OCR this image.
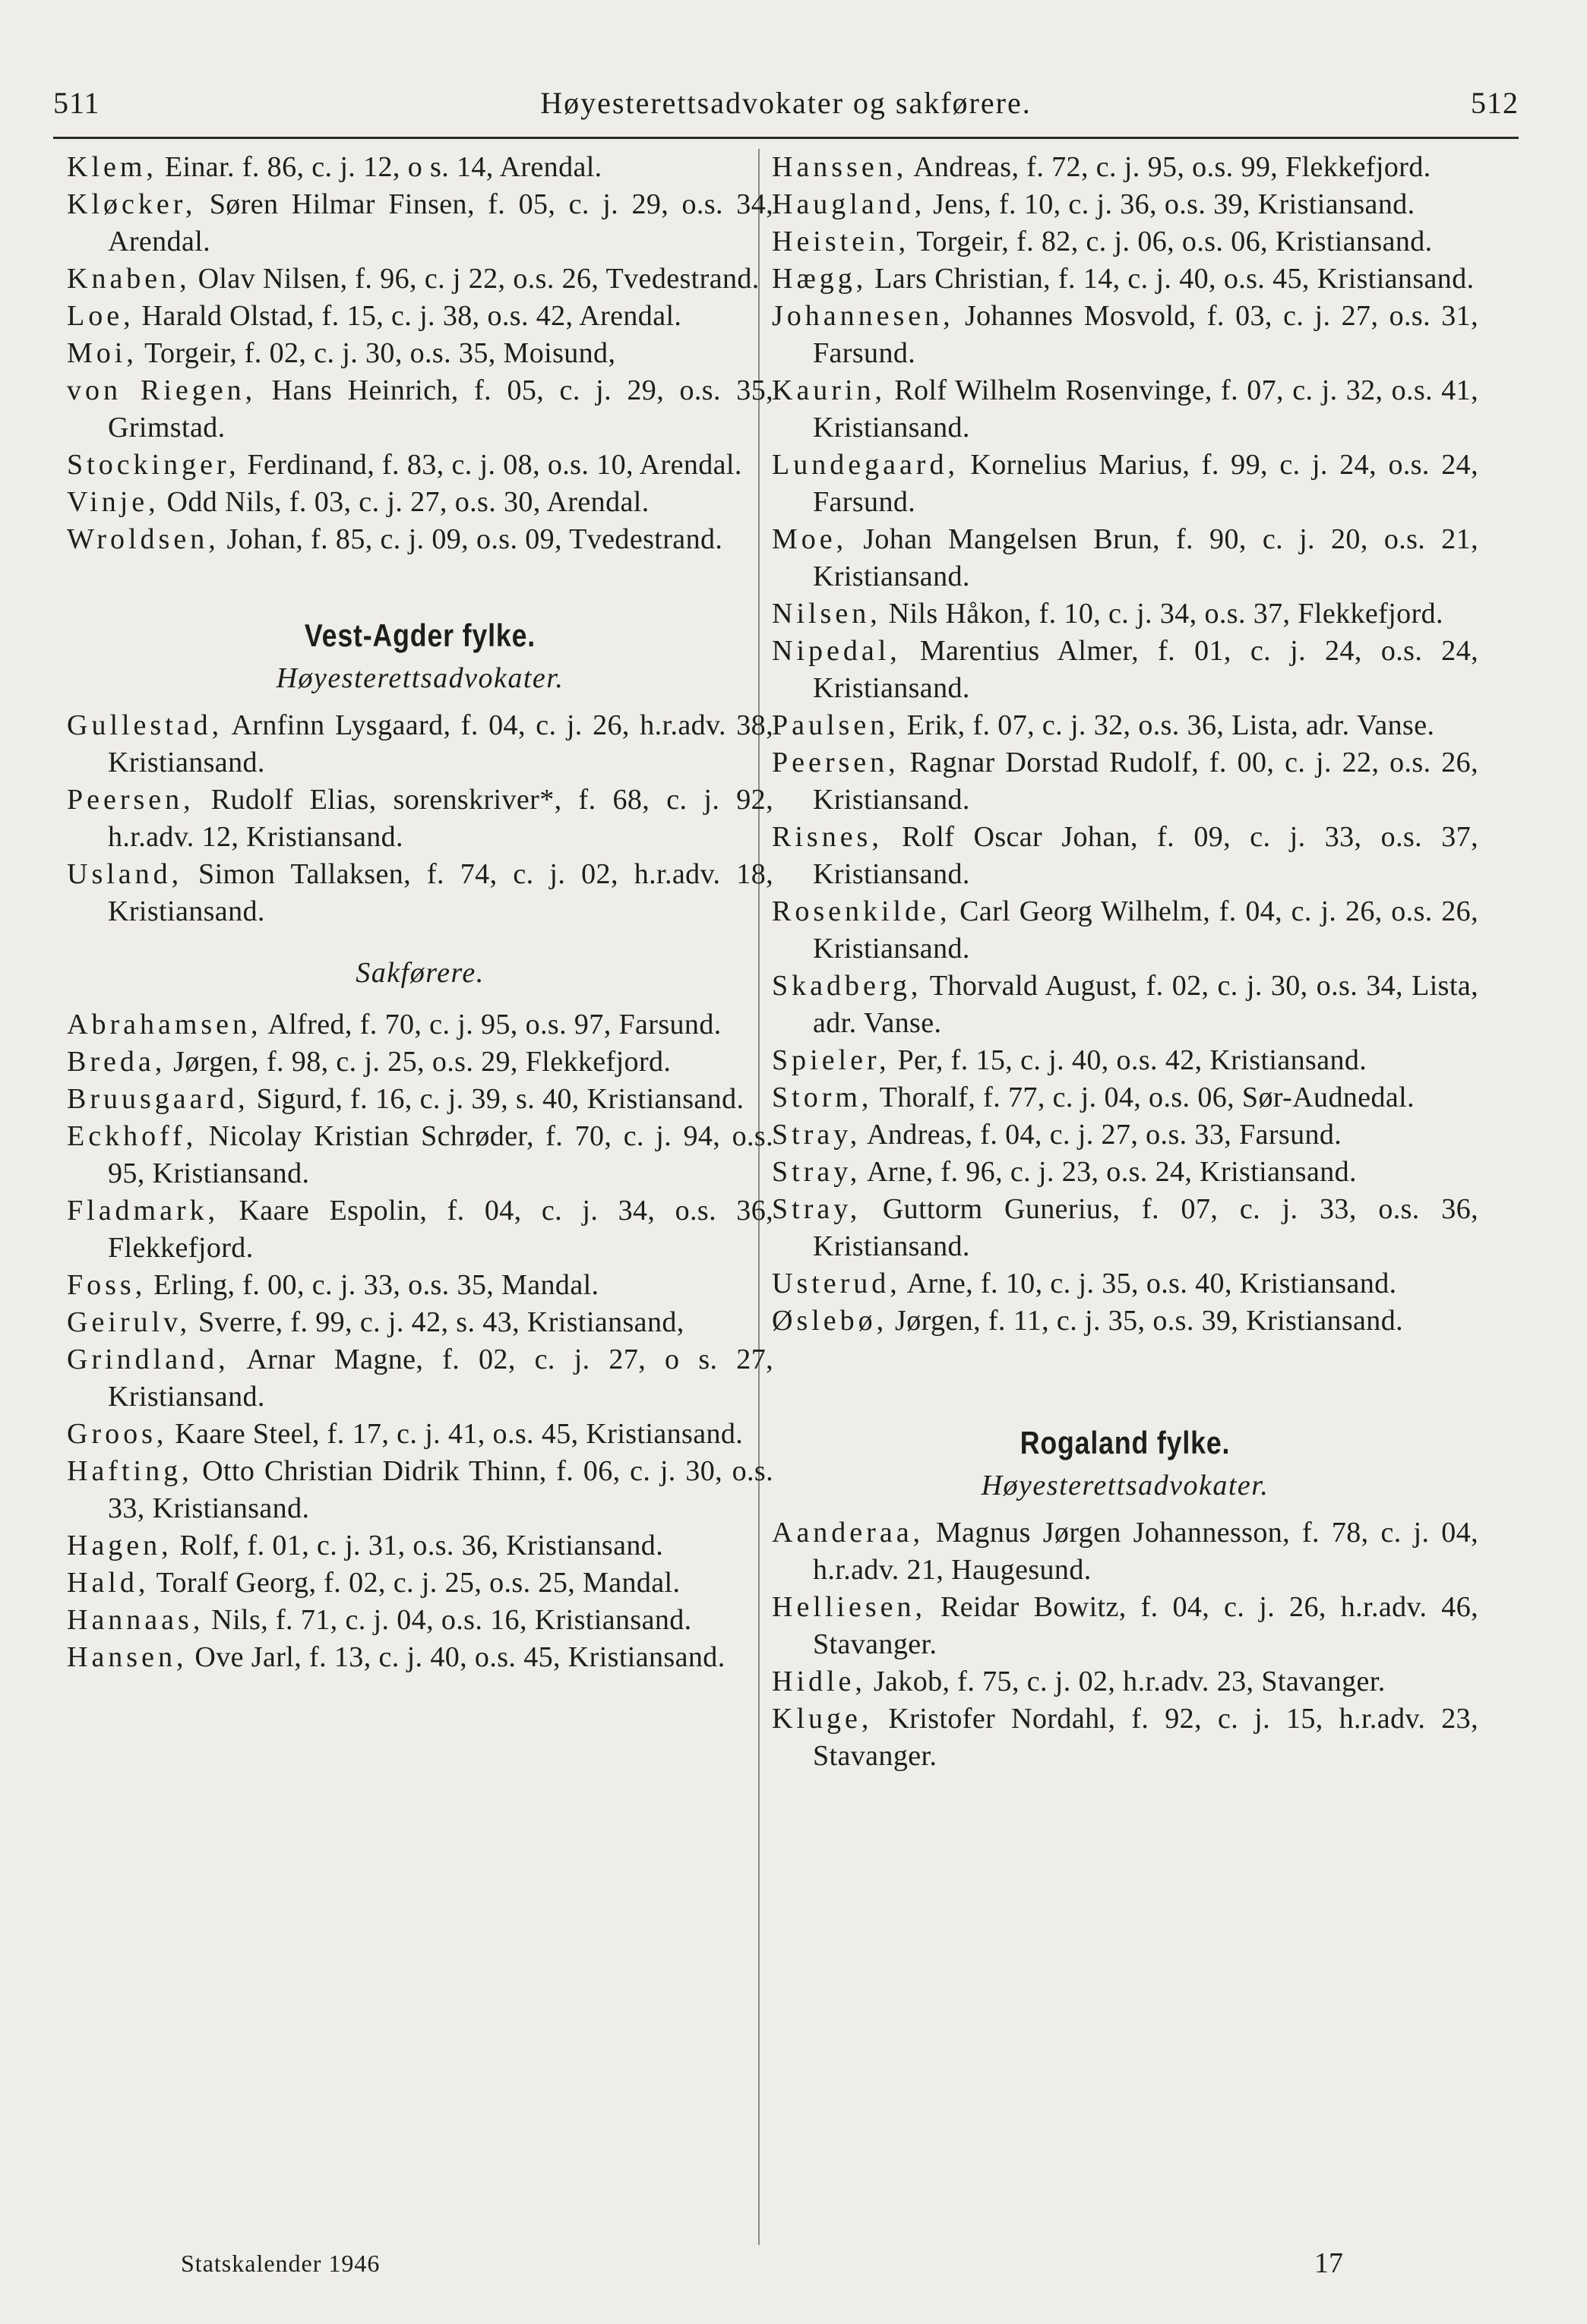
511	Høyesterettsadvokater og sakførere.	512
Klem, Einar. f. 86, c. j. 12, o s. 14, Arendal.
Kløcker, Søren Hilmar Finsen, f. 05, c. j. 29, o.s. 34, Arendal.
Knaben, Olav Nilsen, f. 96, c. j 22, o.s. 26, Tvedestrand.
Loe, Harald Olstad, f. 15, c. j. 38, o.s. 42, Arendal.
Moi, Torgeir, f. 02, c. j. 30, o.s. 35, Moisund,
von Riegen, Hans Heinrich, f. 05, c. j. 29, o.s. 35, Grimstad.
Stockinger, Ferdinand, f. 83, c. j. 08, o.s. 10, Arendal.
Vinje, Odd Nils, f. 03, c. j. 27, o.s. 30, Arendal.
Wroldsen, Johan, f. 85, c. j. 09, o.s. 09, Tvedestrand.
Vest-Agder fylke.
Høyesterettsadvokater.
Gullestad, Arnfinn Lysgaard, f. 04, c. j. 26, h.r.adv. 38, Kristiansand.
Peersen, Rudolf Elias, sorenskriver*, f. 68, c. j. 92, h.r.adv. 12, Kristiansand.
Usland, Simon Tallaksen, f. 74, c. j. 02, h.r.adv. 18, Kristiansand.
Sakførere.
Abrahamsen, Alfred, f. 70, c. j. 95, o.s. 97, Farsund.
Breda, Jørgen, f. 98, c. j. 25, o.s. 29, Flekkefjord.
Bruusgaard, Sigurd, f. 16, c. j. 39, s. 40, Kristiansand.
Eckhoff, Nicolay Kristian Schrøder, f. 70, c. j. 94, o.s. 95, Kristiansand.
Fladmark, Kaare Espolin, f. 04, c. j. 34, o.s. 36, Flekkefjord.
Foss, Erling, f. 00, c. j. 33, o.s. 35, Mandal.
Geirulv, Sverre, f. 99, c. j. 42, s. 43, Kristiansand,
Grindland, Arnar Magne, f. 02, c. j. 27, o s. 27, Kristiansand.
Groos, Kaare Steel, f. 17, c. j. 41, o.s. 45, Kristiansand.
Hafting, Otto Christian Didrik Thinn, f. 06, c. j. 30, o.s. 33, Kristiansand.
Hagen, Rolf, f. 01, c. j. 31, o.s. 36, Kristiansand.
Hald, Toralf Georg, f. 02, c. j. 25, o.s. 25, Mandal.
Hannaas, Nils, f. 71, c. j. 04, o.s. 16, Kristiansand.
Hansen, Ove Jarl, f. 13, c. j. 40, o.s. 45, Kristiansand.
Hanssen, Andreas, f. 72, c. j. 95, o.s. 99, Flekkefjord.
Haugland, Jens, f. 10, c. j. 36, o.s. 39, Kristiansand.
Heistein, Torgeir, f. 82, c. j. 06, o.s. 06, Kristiansand.
Hægg, Lars Christian, f. 14, c. j. 40, o.s. 45, Kristiansand.
Johannesen, Johannes Mosvold, f. 03, c. j. 27, o.s. 31, Farsund.
Kaurin, Rolf Wilhelm Rosenvinge, f. 07, c. j. 32, o.s. 41, Kristiansand.
Lundegaard, Kornelius Marius, f. 99, c. j. 24, o.s. 24, Farsund.
Moe, Johan Mangelsen Brun, f. 90, c. j. 20, o.s. 21, Kristiansand.
Nilsen, Nils Håkon, f. 10, c. j. 34, o.s. 37, Flekkefjord.
Nipedal, Marentius Almer, f. 01, c. j. 24, o.s. 24, Kristiansand.
Paulsen, Erik, f. 07, c. j. 32, o.s. 36, Lista, adr. Vanse.
Peersen, Ragnar Dorstad Rudolf, f. 00, c. j. 22, o.s. 26, Kristiansand.
Risnes, Rolf Oscar Johan, f. 09, c. j. 33, o.s. 37, Kristiansand.
Rosenkilde, Carl Georg Wilhelm, f. 04, c. j. 26, o.s. 26, Kristiansand.
Skadberg, Thorvald August, f. 02, c. j. 30, o.s. 34, Lista, adr. Vanse.
Spieler, Per, f. 15, c. j. 40, o.s. 42, Kristiansand.
Storm, Thoralf, f. 77, c. j. 04, o.s. 06, Sør-Audnedal.
Stray, Andreas, f. 04, c. j. 27, o.s. 33, Farsund.
Stray, Arne, f. 96, c. j. 23, o.s. 24, Kristiansand.
Stray, Guttorm Gunerius, f. 07, c. j. 33, o.s. 36, Kristiansand.
Usterud, Arne, f. 10, c. j. 35, o.s. 40, Kristiansand.
Øslebø, Jørgen, f. 11, c. j. 35, o.s. 39, Kristiansand.
Rogaland fylke.
Høyesterettsadvokater.
Aanderaa, Magnus Jørgen Johannesson, f. 78, c. j. 04, h.r.adv. 21, Haugesund.
Helliesen, Reidar Bowitz, f. 04, c. j. 26, h.r.adv. 46, Stavanger.
Hidle, Jakob, f. 75, c. j. 02, h.r.adv. 23, Stavanger.
Kluge, Kristofer Nordahl, f. 92, c. j. 15, h.r.adv. 23, Stavanger.
Statskalender 1946	17
